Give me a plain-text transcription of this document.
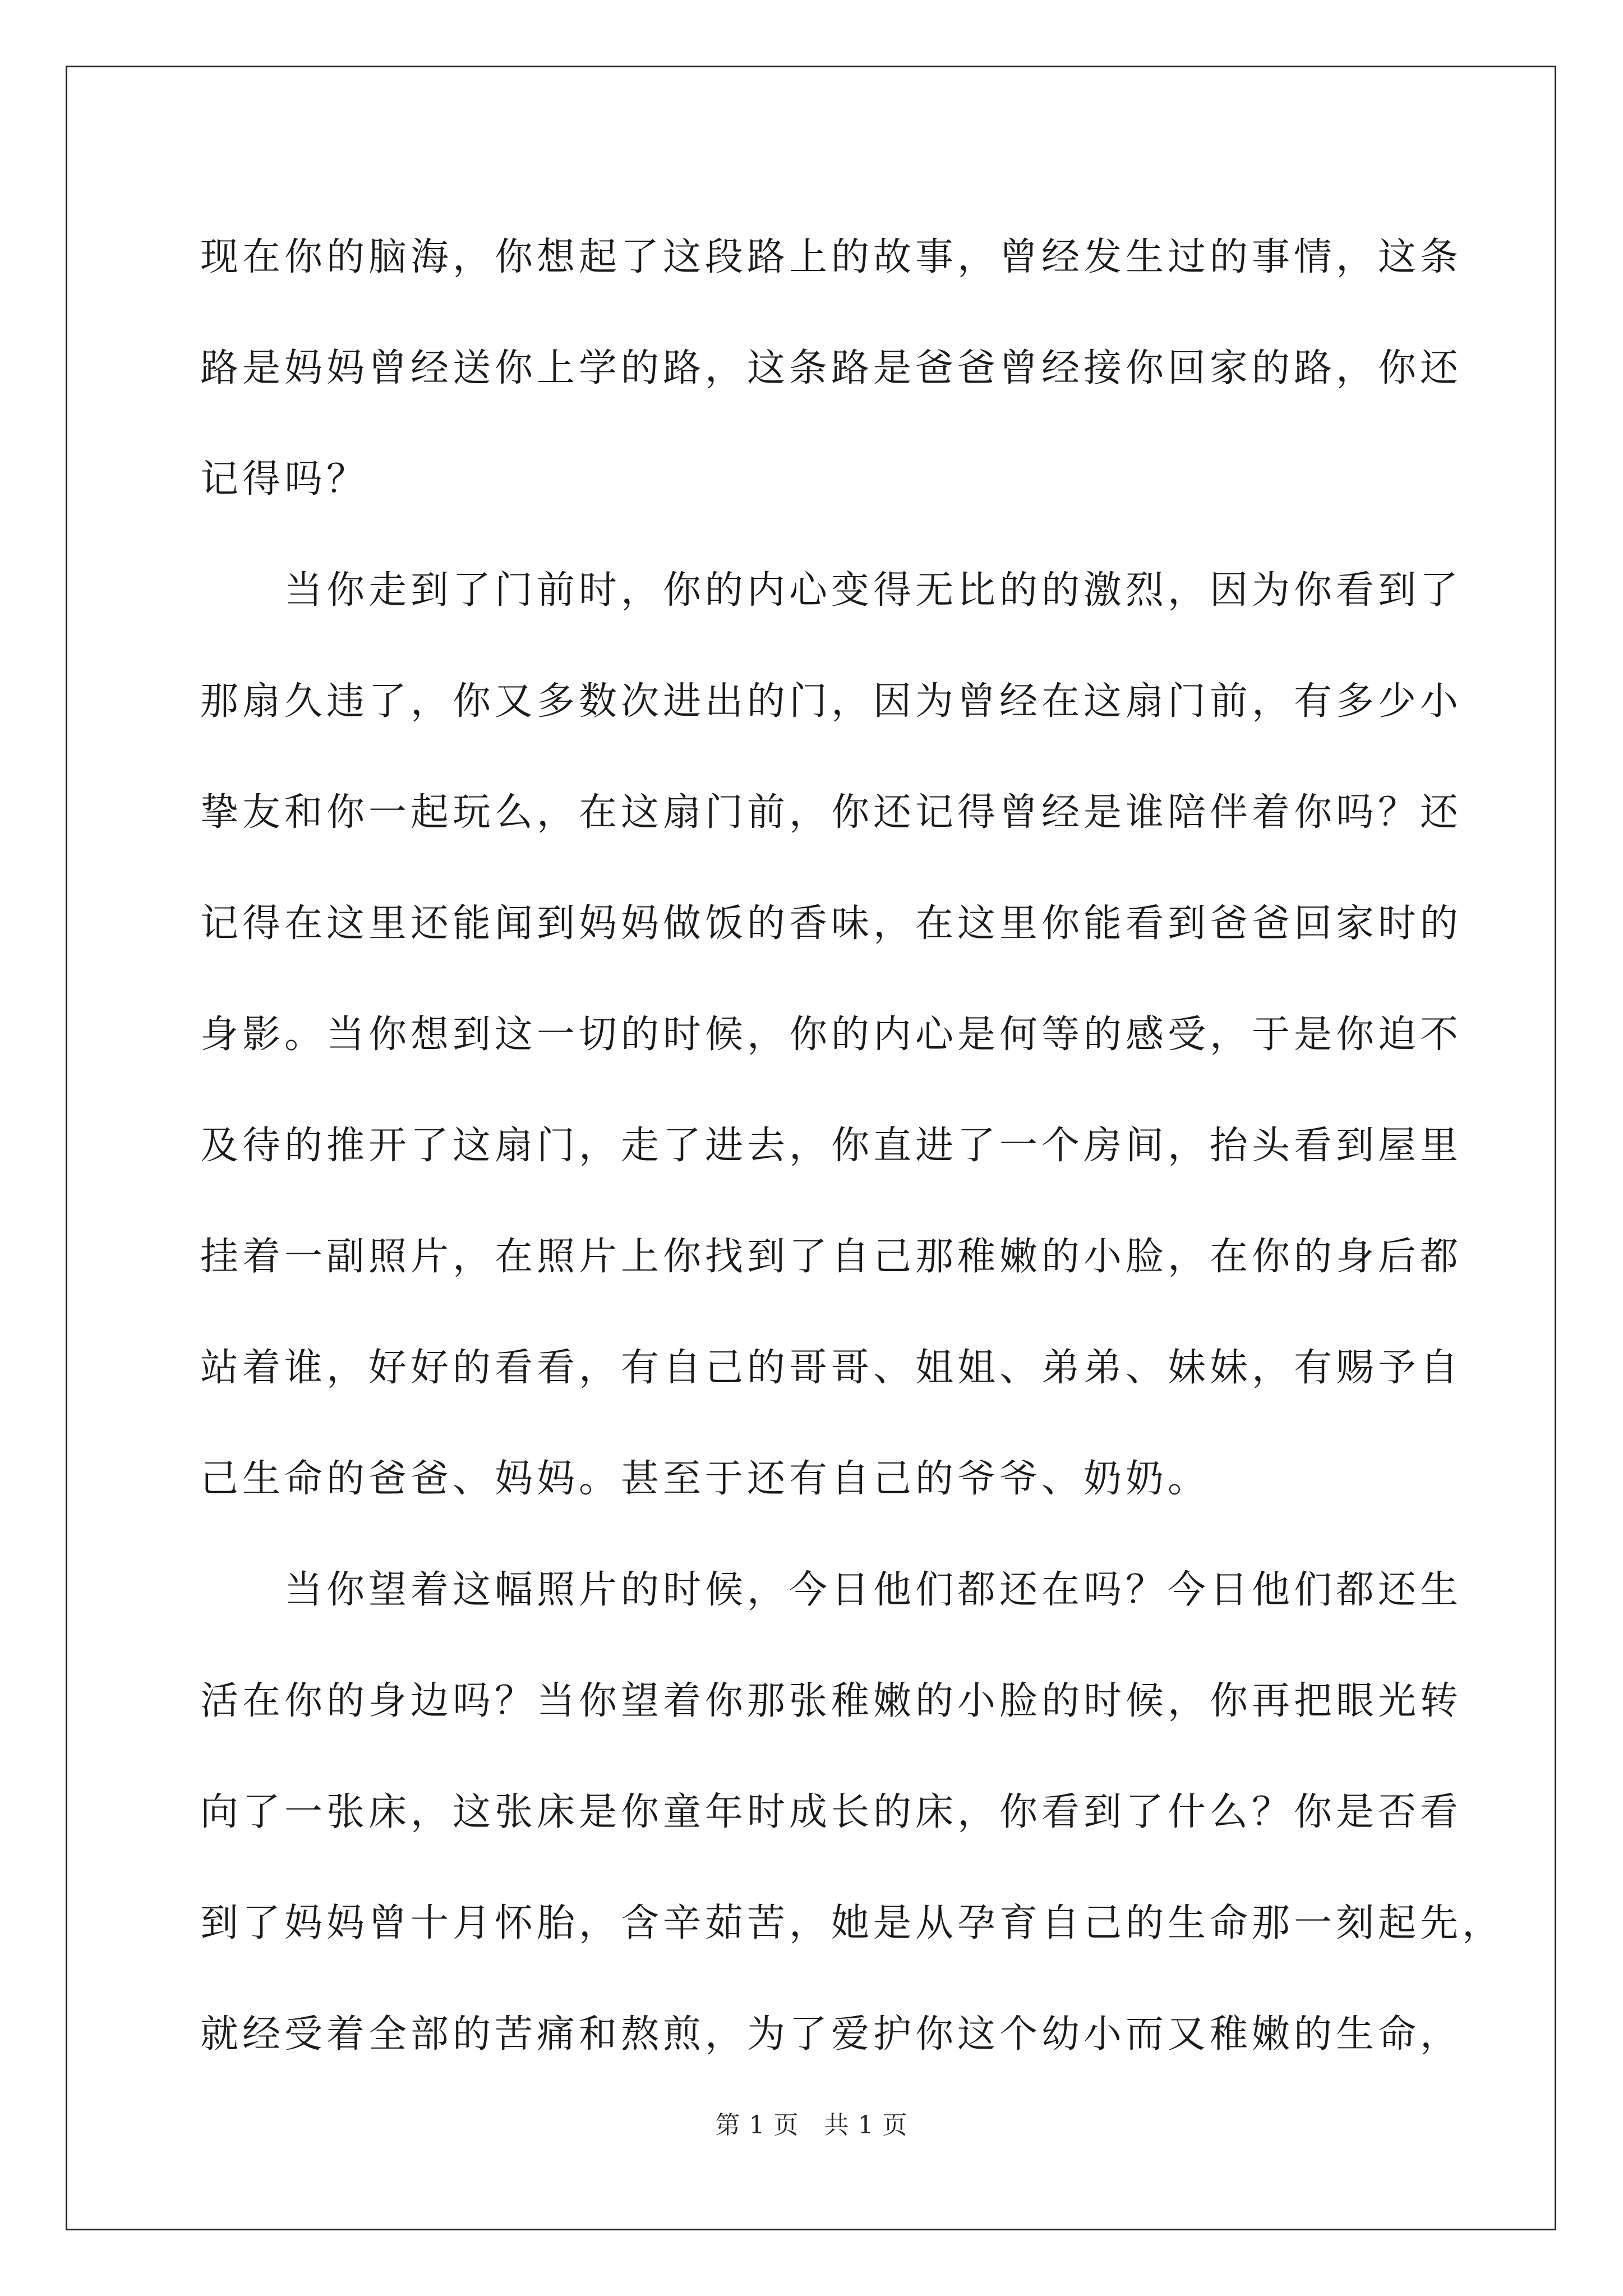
现在你的脑海，你想起了这段路上的故事，曾经发生过的事情，这条
路是妈妈曾经送你上学的路，这条路是爸爸曾经接你回家的路，你还
记得吗？
　　当你走到了门前时，你的内心变得无比的的激烈，因为你看到了
那扇久违了，你又多数次进出的门，因为曾经在这扇门前，有多少小
挚友和你一起玩么，在这扇门前，你还记得曾经是谁陪伴着你吗？还
记得在这里还能闻到妈妈做饭的香味，在这里你能看到爸爸回家时的
身影。当你想到这一切的时候，你的内心是何等的感受，于是你迫不
及待的推开了这扇门，走了进去，你直进了一个房间，抬头看到屋里
挂着一副照片，在照片上你找到了自己那稚嫩的小脸，在你的身后都
站着谁，好好的看看，有自己的哥哥、姐姐、弟弟、妹妹，有赐予自
己生命的爸爸、妈妈。甚至于还有自己的爷爷、奶奶。
　　当你望着这幅照片的时候，今日他们都还在吗？今日他们都还生
活在你的身边吗？当你望着你那张稚嫩的小脸的时候，你再把眼光转
向了一张床，这张床是你童年时成长的床，你看到了什么？你是否看
到了妈妈曾十月怀胎，含辛茹苦，她是从孕育自己的生命那一刻起先，
就经受着全部的苦痛和熬煎，为了爱护你这个幼小而又稚嫩的生命，
第 1 页　共 1 页
